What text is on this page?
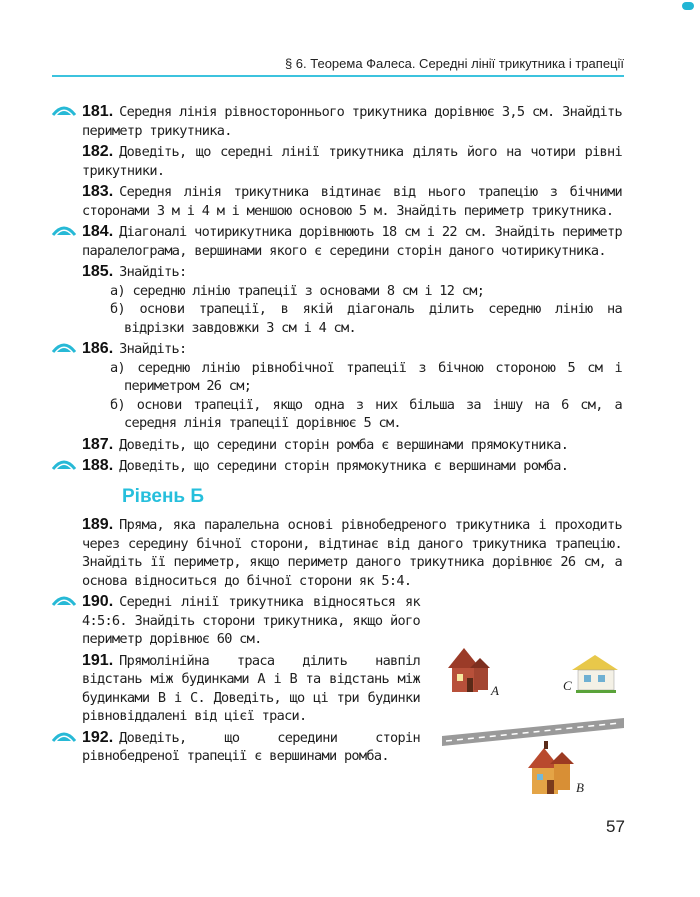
§ 6. Теорема Фалеса. Середні лінії трикутника і трапеції
181. Середня лінія рівностороннього трикутника дорівнює 3,5 см. Знайдіть периметр трикутника.
182. Доведіть, що середні лінії трикутника ділять його на чотири рівні трикутники.
183. Середня лінія трикутника відтинає від нього трапецію з бічними сторонами 3 м і 4 м і меншою основою 5 м. Знайдіть периметр трикутника.
184. Діагоналі чотирикутника дорівнюють 18 см і 22 см. Знайдіть периметр паралелограма, вершинами якого є середини сторін даного чотирикутника.
185. Знайдіть:
а) середню лінію трапеції з основами 8 см і 12 см;
б) основи трапеції, в якій діагональ ділить середню лінію на відрізки завдовжки 3 см і 4 см.
186. Знайдіть:
а) середню лінію рівнобічної трапеції з бічною стороною 5 см і периметром 26 см;
б) основи трапеції, якщо одна з них більша за іншу на 6 см, а середня лінія трапеції дорівнює 5 см.
187. Доведіть, що середини сторін ромба є вершинами прямокутника.
188. Доведіть, що середини сторін прямокутника є вершинами ромба.
Рівень Б
189. Пряма, яка паралельна основі рівнобедреного трикутника і проходить через середину бічної сторони, відтинає від даного трикутника трапецію. Знайдіть її периметр, якщо периметр даного трикутника дорівнює 26 см, а основа відноситься до бічної сторони як 5:4.
190. Середні лінії трикутника відносяться як 4:5:6. Знайдіть сторони трикутника, якщо його периметр дорівнює 60 см.
191. Прямолінійна траса ділить навпіл відстань між будинками A і B та відстань між будинками B і C. Доведіть, що ці три будинки рівновіддалені від цієї траси.
192. Доведіть, що середини сторін рівнобедреної трапеції є вершинами ромба.
A	C
B
57
